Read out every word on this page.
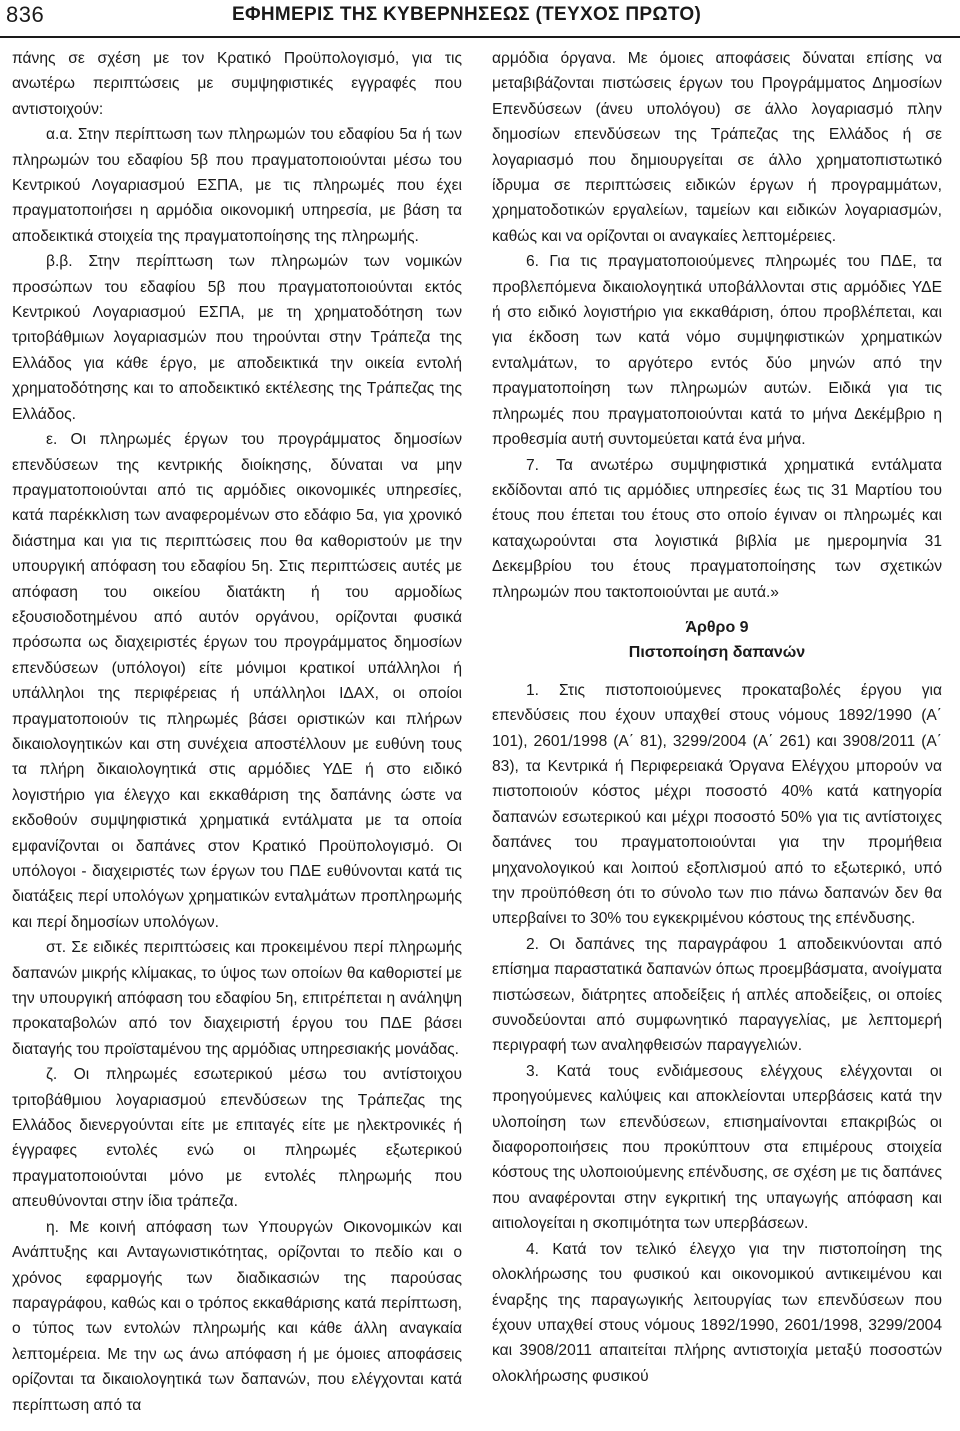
836	ΕΦΗΜΕΡΙΣ ΤΗΣ ΚΥΒΕΡΝΗΣΕΩΣ (ΤΕΥΧΟΣ ΠΡΩΤΟ)

πάνης σε σχέση με τον Κρατικό Προϋπολογισμό, για τις ανωτέρω περιπτώσεις με συμψηφιστικές εγγραφές που αντιστοιχούν:

α.α. Στην περίπτωση των πληρωμών του εδαφίου 5α ή των πληρωμών του εδαφίου 5β που πραγματοποιούνται μέσω του Κεντρικού Λογαριασμού ΕΣΠΑ, με τις πληρωμές που έχει πραγματοποιήσει η αρμόδια οικονομική υπηρεσία, με βάση τα αποδεικτικά στοιχεία της πραγματοποίησης της πληρωμής.

β.β. Στην περίπτωση των πληρωμών των νομικών προσώπων του εδαφίου 5β που πραγματοποιούνται εκτός Κεντρικού Λογαριασμού ΕΣΠΑ, με τη χρηματοδότηση των τριτοβάθμιων λογαριασμών που τηρούνται στην Τράπεζα της Ελλάδος για κάθε έργο, με αποδεικτικά την οικεία εντολή χρηματοδότησης και το αποδεικτικό εκτέλεσης της Τράπεζας της Ελλάδος.

ε. Οι πληρωμές έργων του προγράμματος δημοσίων επενδύσεων της κεντρικής διοίκησης, δύναται να μην πραγματοποιούνται από τις αρμόδιες οικονομικές υπηρεσίες, κατά παρέκκλιση των αναφερομένων στο εδάφιο 5α, για χρονικό διάστημα και για τις περιπτώσεις που θα καθοριστούν με την υπουργική απόφαση του εδαφίου 5η. Στις περιπτώσεις αυτές με απόφαση του οικείου διατάκτη ή του αρμοδίως εξουσιοδοτημένου από αυτόν οργάνου, ορίζονται φυσικά πρόσωπα ως διαχειριστές έργων του προγράμματος δημοσίων επενδύσεων (υπόλογοι) είτε μόνιμοι κρατικοί υπάλληλοι ή υπάλληλοι της περιφέρειας ή υπάλληλοι ΙΔΑΧ, οι οποίοι πραγματοποιούν τις πληρωμές βάσει οριστικών και πλήρων δικαιολογητικών και στη συνέχεια αποστέλλουν με ευθύνη τους τα πλήρη δικαιολογητικά στις αρμόδιες ΥΔΕ ή στο ειδικό λογιστήριο για έλεγχο και εκκαθάριση της δαπάνης ώστε να εκδοθούν συμψηφιστικά χρηματικά εντάλματα με τα οποία εμφανίζονται οι δαπάνες στον Κρατικό Προϋπολογισμό. Οι υπόλογοι - διαχειριστές των έργων του ΠΔΕ ευθύνονται κατά τις διατάξεις περί υπολόγων χρηματικών ενταλμάτων προπληρωμής και περί δημοσίων υπολόγων.

στ. Σε ειδικές περιπτώσεις και προκειμένου περί πληρωμής δαπανών μικρής κλίμακας, το ύψος των οποίων θα καθοριστεί με την υπουργική απόφαση του εδαφίου 5η, επιτρέπεται η ανάληψη προκαταβολών από τον διαχειριστή έργου του ΠΔΕ βάσει διαταγής του προϊσταμένου της αρμόδιας υπηρεσιακής μονάδας.

ζ. Οι πληρωμές εσωτερικού μέσω του αντίστοιχου τριτοβάθμιου λογαριασμού επενδύσεων της Τράπεζας της Ελλάδος διενεργούνται είτε με επιταγές είτε με ηλεκτρονικές ή έγγραφες εντολές ενώ οι πληρωμές εξωτερικού πραγματοποιούνται μόνο με εντολές πληρωμής που απευθύνονται στην ίδια τράπεζα.

η. Με κοινή απόφαση των Υπουργών Οικονομικών και Ανάπτυξης και Ανταγωνιστικότητας, ορίζονται το πεδίο και ο χρόνος εφαρμογής των διαδικασιών της παρούσας παραγράφου, καθώς και ο τρόπος εκκαθάρισης κατά περίπτωση, ο τύπος των εντολών πληρωμής και κάθε άλλη αναγκαία λεπτομέρεια. Με την ως άνω απόφαση ή με όμοιες αποφάσεις ορίζονται τα δικαιολογητικά των δαπανών, που ελέγχονται κατά περίπτωση από τα

αρμόδια όργανα. Με όμοιες αποφάσεις δύναται επίσης να μεταβιβάζονται πιστώσεις έργων του Προγράμματος Δημοσίων Επενδύσεων (άνευ υπολόγου) σε άλλο λογαριασμό πλην δημοσίων επενδύσεων της Τράπεζας της Ελλάδος ή σε λογαριασμό που δημιουργείται σε άλλο χρηματοπιστωτικό ίδρυμα σε περιπτώσεις ειδικών έργων ή προγραμμάτων, χρηματοδοτικών εργαλείων, ταμείων και ειδικών λογαριασμών, καθώς και να ορίζονται οι αναγκαίες λεπτομέρειες.

6. Για τις πραγματοποιούμενες πληρωμές του ΠΔΕ, τα προβλεπόμενα δικαιολογητικά υποβάλλονται στις αρμόδιες ΥΔΕ ή στο ειδικό λογιστήριο για εκκαθάριση, όπου προβλέπεται, και για έκδοση των κατά νόμο συμψηφιστικών χρηματικών ενταλμάτων, το αργότερο εντός δύο μηνών από την πραγματοποίηση των πληρωμών αυτών. Ειδικά για τις πληρωμές που πραγματοποιούνται κατά το μήνα Δεκέμβριο η προθεσμία αυτή συντομεύεται κατά ένα μήνα.

7. Τα ανωτέρω συμψηφιστικά χρηματικά εντάλματα εκδίδονται από τις αρμόδιες υπηρεσίες έως τις 31 Μαρτίου του έτους που έπεται του έτους στο οποίο έγιναν οι πληρωμές και καταχωρούνται στα λογιστικά βιβλία με ημερομηνία 31 Δεκεμβρίου του έτους πραγματοποίησης των σχετικών πληρωμών που τακτοποιούνται με αυτά.»

Άρθρο 9
Πιστοποίηση δαπανών

1. Στις πιστοποιούμενες προκαταβολές έργου για επενδύσεις που έχουν υπαχθεί στους νόμους 1892/1990 (Α΄ 101), 2601/1998 (Α΄ 81), 3299/2004 (Α΄ 261) και 3908/2011 (Α΄ 83), τα Κεντρικά ή Περιφερειακά Όργανα Ελέγχου μπορούν να πιστοποιούν κόστος μέχρι ποσοστό 40% κατά κατηγορία δαπανών εσωτερικού και μέχρι ποσοστό 50% για τις αντίστοιχες δαπάνες του πραγματοποιούνται για την προμήθεια μηχανολογικού και λοιπού εξοπλισμού από το εξωτερικό, υπό την προϋπόθεση ότι το σύνολο των πιο πάνω δαπανών δεν θα υπερβαίνει το 30% του εγκεκριμένου κόστους της επένδυσης.

2. Οι δαπάνες της παραγράφου 1 αποδεικνύονται από επίσημα παραστατικά δαπανών όπως προεμβάσματα, ανοίγματα πιστώσεων, διάτρητες αποδείξεις ή απλές αποδείξεις, οι οποίες συνοδεύονται από συμφωνητικό παραγγελίας, με λεπτομερή περιγραφή των αναληφθεισών παραγγελιών.

3. Κατά τους ενδιάμεσους ελέγχους ελέγχονται οι προηγούμενες καλύψεις και αποκλείονται υπερβάσεις κατά την υλοποίηση των επενδύσεων, επισημαίνονται επακριβώς οι διαφοροποιήσεις που προκύπτουν στα επιμέρους στοιχεία κόστους της υλοποιούμενης επένδυσης, σε σχέση με τις δαπάνες που αναφέρονται στην εγκριτική της υπαγωγής απόφαση και αιτιολογείται η σκοπιμότητα των υπερβάσεων.

4. Κατά τον τελικό έλεγχο για την πιστοποίηση της ολοκλήρωσης του φυσικού και οικονομικού αντικειμένου και έναρξης της παραγωγικής λειτουργίας των επενδύσεων που έχουν υπαχθεί στους νόμους 1892/1990, 2601/1998, 3299/2004 και 3908/2011 απαιτείται πλήρης αντιστοιχία μεταξύ ποσοστών ολοκλήρωσης φυσικού
